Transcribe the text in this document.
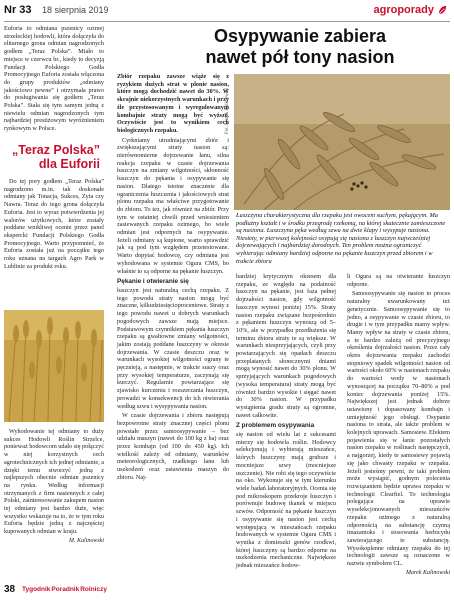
Nr 33 18 sierpnia 2019	agroporady

Euforia to odmiana pszenicy ozimej strzeleckiej hodowli, która dołączyła do elitarnego grona odmian nagrodzonych godłem „Teraz Polska”. Miało to miejsce w czerwcu br., kiedy to decyzją Fundacji Polskiego Godła Promocyjnego Euforia została włączona do grupy produktów „odmiany jakościowo pewne” i otrzymała prawo do posługiwania się godłem „Teraz Polska”. Stała się tym samym jedną z niewielu odmian nagrodzonych tym najbardziej prestiżowym wyróżnieniem rynkowym w Polsce.

„Teraz Polska”
dla Euforii

Do tej pory godłem „Teraz Polska” nagrodzono m.in. tak doskonałe odmiany jak Tonacja, Sukces, Zyta czy Nawra. Teraz do tego grona dołączyła Euforia. Jest to wyraz potwierdzenia jej walorów użytkowych, które zostały poddane wnikliwej ocenie przez panel ekspercki Fundacji Polskiego Godła Promocyjnego. Warto przypomnieć, że Euforia została już na początku tego roku uznana na targach Agro Park w Lublinie za produkt roku.

Wyhodowanie tej odmiany to duży sukces Hodowli Roślin Strzelce, ponieważ hodowcom udało się połączyć w niej korzystnych cech agrotechnicznych ich jednej odmianie, a dzięki temu stworzyć jedną z najlepszych obecnie odmian pszenicy na rynku. Według informacji otrzymanych z firm nasiennych z całej Polski, zainteresowanie zakupem nasion tej odmiany jest bardzo duże, więc wszystko wskazuje na to, że w tym roku Euforia będzie jedną z najczęściej kupowanych odmian w kraju.

M. Kalinowski
Osypywanie zabiera
nawet pół tony nasion

Zbiór rzepaku zawsze wiąże się z ryzykiem dużych strat w plonie nasion, które mogą dochodzić nawet do 30%. W skrajnie niekorzystnych warunkach i przy źle przystosowanym i wyregulowanym kombajnie straty mogą być wyższe. Oczywiście jest to wynikiem cech biologicznych rzepaku.

Cyrkniamy utrudniającymi zbiór i zwiększającymi straty nasion są: nierównomierne dojrzewanie łanu, silna reakcja rzepaku w czasie dojrzewania łuszczyn na zmiany wilgotności, skłonność łuszczyn do pękania i osypywanie się nasion. Dlatego istotne znaczenie dla ograniczenia łuszczenia i jakościowych strat plonu rzepaku ma właściwe przygotowanie do zbioru. To tez, jak również na zbiór. Przy tym w ostatniej chwili przed wniesieniem zasiewanych rzepaku ozimego, bo wiele odmian jest odpornych na osypywanie. Jeżeli odmiany są kupione, warto sprawdzić jak są pod tym względem przetestowane. Warto dopytać hodowcę, czy odmiana jest wyhodowana w systemie Ogura CMS, bo właśnie to są odporne na pękanie łuszczyn.

Pękanie i otwieranie się

łuszczyn jest naturalną cechą rzepaku. Z tego powodu straty nasion mogą być znaczne, kilkudziesięcioprocentowe. Straty z tego powodu nawet u dobrych warunkach pogodowych zawsze mają miejsce. Podstawowym czynnikiem pękania łuszczyn rzepaku są gwałtowne zmiany wilgotności, jakim zostają poddane łuszczyny w okresie dojrzewania. W czasie deszczu oraz w warunkach wysokiej wilgotności ograny te pęcznieją, a następnie, w trakcie suszy oraz przy wysokiej temperaturze, zaczynają się kurczyć. Regularnie powtarzające się zjawisko kurczenia i rozszerzania łuszczyn, prowadzi w konsekwencji do ich otwierania według szwu i wysypywania nasion.

W czasie dojrzewania i zbioru następują bezpowrotne straty znacznej części plonu powstałe przez samoosypywanie – bez udziału maszyn (nawet do 100 kg z ha) oraz przez kombajn (od 100 do 450 kg). Ich wielkość zależy od odmiany, warunków meteorologicznych, rzadkiego łanu lub uszkodzeń oraz ustawienia maszyn do zbioru. Naj-

Fot. Marek Kalinowski
Łuszczyna charakterystyczna dla rzepaku jest owocem suchym, pękającym. Ma podłużny kształt i w środku przegrodę rzekomą, na której skutecznie zamieszczone są nasiona. Łuszczyna pęka według szwu na dwie klapy i wysypuje nasiona. Niestety, w pierwszej kolejności osypują się nasiona z łuszczyn najwcześniej dojrzewających i najbardziej dorodnych. Ten problem można ograniczyć wybierając odmiany bardziej odporne na pękanie łuszczyn przed zbiorem i w trakcie zbioru

bardziej krytycznym okresem dla rzepaku, ze względu na podatność łuszczyn na pękanie, jest faza pełnej dojrzałości nasion, gdy wilgotność łuszczyn wynosi poniżej 15%. Straty nasion rzepaku związane bezpośrednio z pękaniem łuszczyn wynoszą od 5–10%, ale w przypadku przedłużenia się terminu zbioru straty te są większe. W warunkach niesprzyjających, czyli przy powtarzających się opadach deszczu przeplatanych słonecznymi dniami mogą wynosić nawet do 30% plonu. W sprzyjających warunkach pogodowych (wysoka temperatura) straty mogą być również bardzo wysokie i sięgać nawet do 30% nasion. W przypadku wystąpienia gradu straty są ogromne, nawet całkowite.

Z problemem osypywania

się nasion od wielu lat z sukcesami mierzy się hodowla roślin. Hodowcy selekcjonują i wybierają mieszańce, których łuszczyny mają grubsze i mocniejsze szwy (mocniejsze uszczenie). Nie robi się tego oczywiście na oko. Wykonuje się w tym kierunku wiele badań laboratoryjnych. Ocenia się pod mikroskopem przekroje łuszczyn i porównuje budowę tkanek w miejscu szwów. Odporność na pękanie łuszczyn i osypywanie się nasion jest cechą występującą w mieszańcach rzepaku hodowanych w systemie Ogura CMS i wynika z domieszki genów rzodkwi, której łuszczyny są bardzo odporne na uszkodzenia mechaniczne. Największe jednak mieszańce hodow-

li Ogura są na otwieranie łuszczyn odporne.

Samoosypywanie się nasion to proces naturalny uwarunkowany też genetycznie. Samoosypywanie się to jedno, a osypywanie w czasie zbioru, to drugie i w tym przypadku mamy wpływ. Mamy wpływ na straty w czasie zbioru, a te bardzo zależą od precyzyjnego określenia dojrzałości nasion. Przez cały okres dojrzewania rzepaku zachodzi stopniowy spadek wilgotności nasion od wartości około 60% w nasionach rzepaku do wartości wody w nasionach wynoszącej na początku 70–80% a pod koniec dojrzewania poniżej 15%. Największej jest jednak dobrze ustawiony i dopasowany kombajn i umiejętność jego obsługi. Osypanie nasiona to strata, ale także problem w kolejnych uprawach. Samosiew. Efektem pojawienia się w łanie pozostałych nasion rzepaku w roślinach następczych, a najgorzej, kiedy te samosiewy pojawią się jako chwasty rzepaku w rzepaku. Jeżeli jesteśmy pewni, że taki problem może wystąpić, godnym polecenia rozwiązaniem będzie uprawa rzepaku w technologii Clearfiel. To technologia polegająca na uprawie wyselekcjonowanych mieszańców rzepaku ozimego z naturalną odpornością na substancję czynną imazamoks i stosowania herbicydu zawierającego te substancję. Wysokoplenne odmiany rzepaku do tej technologii zawsze są oznaczone w nazwie symbolem CL.

Marek Kalinowski
38 TygodnikPoradnikRolniczy
